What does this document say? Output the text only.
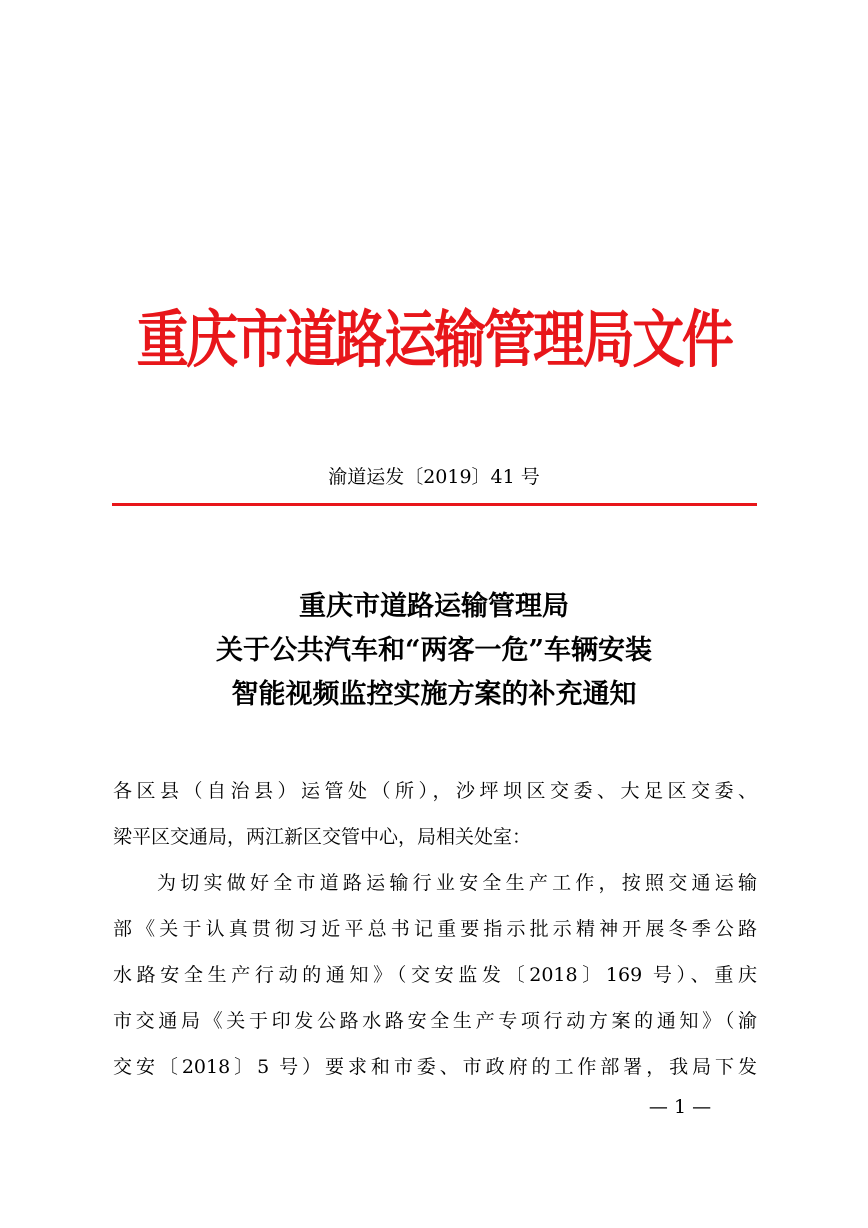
重庆市道路运输管理局文件
渝道运发〔2019〕41 号
重庆市道路运输管理局
关于公共汽车和“两客一危”车辆安装
智能视频监控实施方案的补充通知
各区县（自治县）运管处（所），沙坪坝区交委、大足区交委、
梁平区交通局，两江新区交管中心，局相关处室：
为切实做好全市道路运输行业安全生产工作，按照交通运输
部《关于认真贯彻习近平总书记重要指示批示精神开展冬季公路
水路安全生产行动的通知》（交安监发〔2018〕169 号）、重庆
市交通局《关于印发公路水路安全生产专项行动方案的通知》（渝
交安〔2018〕5 号）要求和市委、市政府的工作部署，我局下发
— 1 —
